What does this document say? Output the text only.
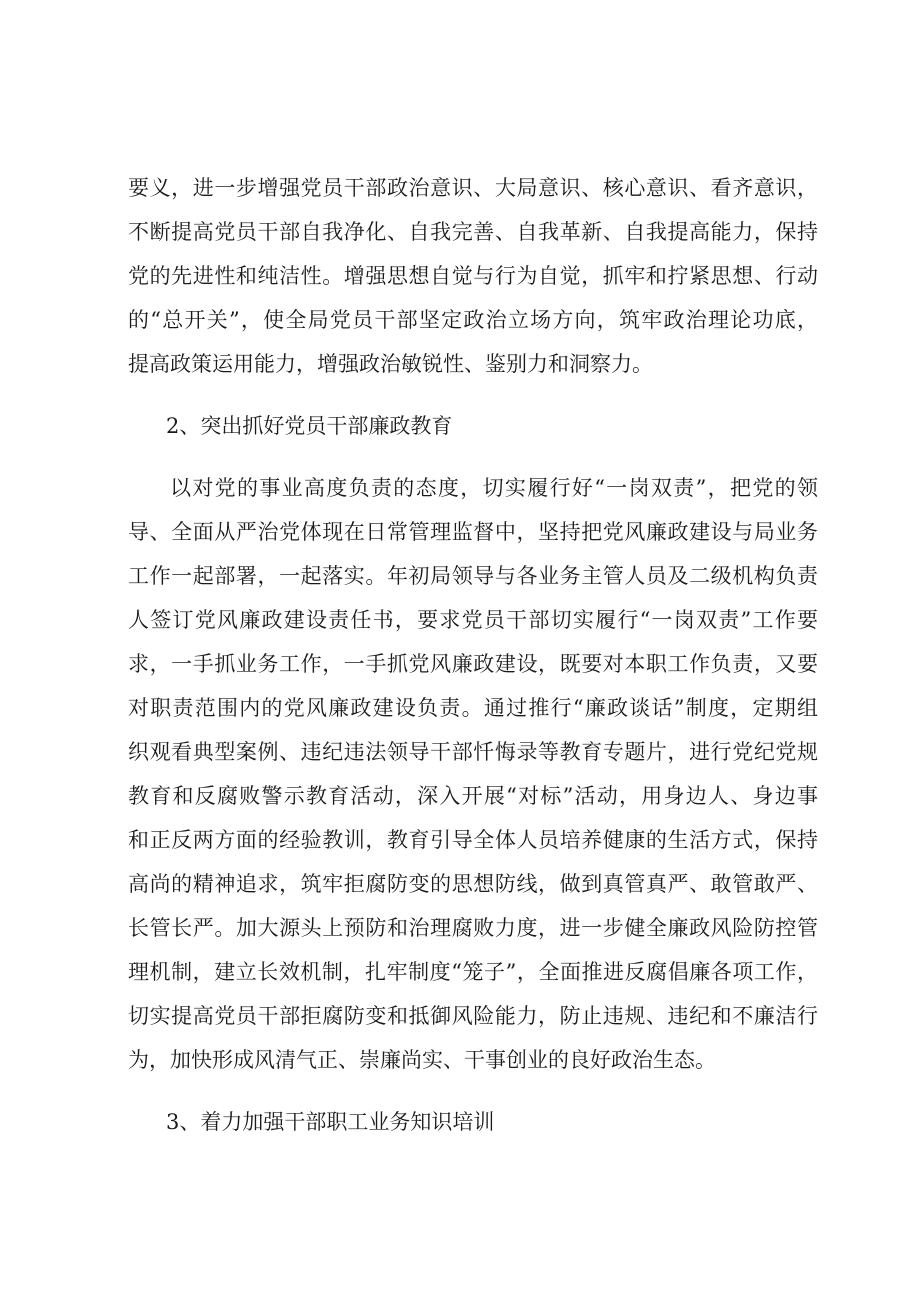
要义，进一步增强党员干部政治意识、大局意识、核心意识、看齐意识，
不断提高党员干部自我净化、自我完善、自我革新、自我提高能力，保持
党的先进性和纯洁性。增强思想自觉与行为自觉，抓牢和拧紧思想、行动
的“总开关”，使全局党员干部坚定政治立场方向，筑牢政治理论功底，
提高政策运用能力，增强政治敏锐性、鉴别力和洞察力。
2、突出抓好党员干部廉政教育
以对党的事业高度负责的态度，切实履行好“一岗双责”，把党的领
导、全面从严治党体现在日常管理监督中，坚持把党风廉政建设与局业务
工作一起部署，一起落实。年初局领导与各业务主管人员及二级机构负责
人签订党风廉政建设责任书，要求党员干部切实履行“一岗双责”工作要
求，一手抓业务工作，一手抓党风廉政建设，既要对本职工作负责，又要
对职责范围内的党风廉政建设负责。通过推行“廉政谈话”制度，定期组
织观看典型案例、违纪违法领导干部忏悔录等教育专题片，进行党纪党规
教育和反腐败警示教育活动，深入开展“对标”活动，用身边人、身边事
和正反两方面的经验教训，教育引导全体人员培养健康的生活方式，保持
高尚的精神追求，筑牢拒腐防变的思想防线，做到真管真严、敢管敢严、
长管长严。加大源头上预防和治理腐败力度，进一步健全廉政风险防控管
理机制，建立长效机制，扎牢制度“笼子”，全面推进反腐倡廉各项工作，
切实提高党员干部拒腐防变和抵御风险能力，防止违规、违纪和不廉洁行
为，加快形成风清气正、崇廉尚实、干事创业的良好政治生态。
3、着力加强干部职工业务知识培训
